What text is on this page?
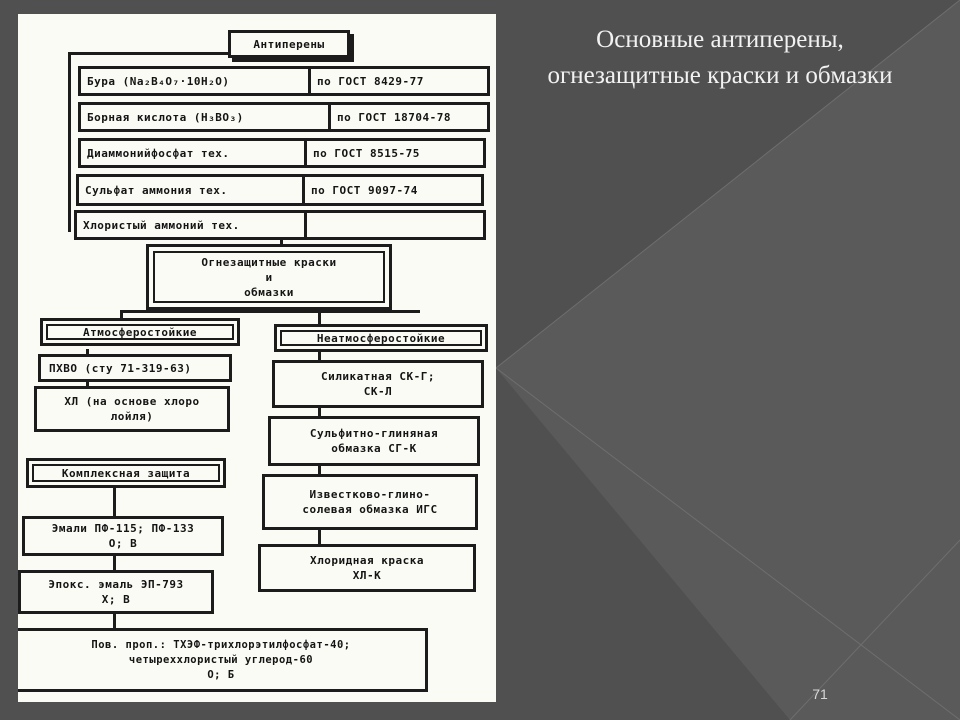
Основные антиперены,
огнезащитные краски и обмазки
71
Антиперены
Бура (Na₂B₄O₇·10H₂O)	по ГОСТ 8429-77
Борная кислота (H₃BO₃)	по ГОСТ 18704-78
Диаммонийфосфат тех.	по ГОСТ 8515-75
Сульфат аммония тех.	по ГОСТ 9097-74
Хлористый аммоний тех.
Огнезащитные краски
и
обмазки
Атмосферостойкие
ПХВО (сту 71-319-63)
ХЛ (на основе хлоро
лойля)
Неатмосферостойкие
Силикатная СК-Г;
СК-Л
Сульфитно-глиняная
обмазка СГ-К
Известково-глино-
солевая обмазка ИГС
Хлоридная краска
ХЛ-К
Комплексная защита
Эмали ПФ-115; ПФ-133
О; В
Эпокс. эмаль ЭП-793
Х; В
Пов. проп.: ТХЭФ-трихлорэтилфосфат-40;
четыреххлористый углерод-60
О; Б
